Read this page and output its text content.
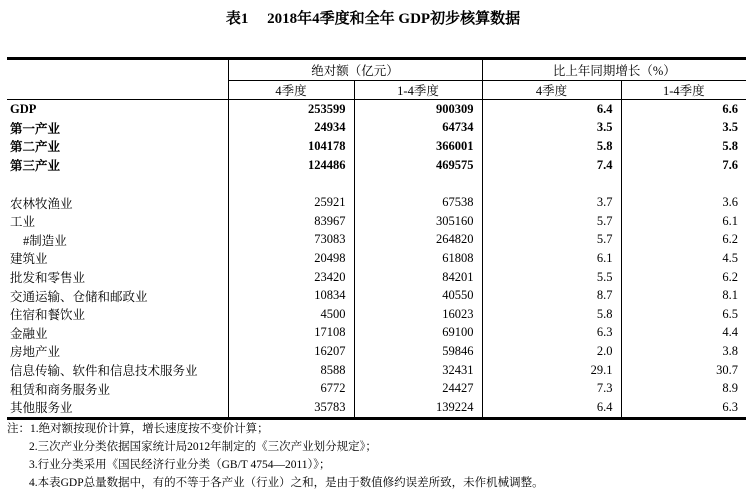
表1　 2018年4季度和全年 GDP初步核算数据
	绝对额（亿元）		比上年同期增长（%）	
	4季度	1-4季度	4季度	1-4季度
GDP	253599	900309	6.4	6.6
第一产业	24934	64734	3.5	3.5
第二产业	104178	366001	5.8	5.8
第三产业	124486	469575	7.4	7.6

农林牧渔业	25921	67538	3.7	3.6
工业	83967	305160	5.7	6.1
#制造业	73083	264820	5.7	6.2
建筑业	20498	61808	6.1	4.5
批发和零售业	23420	84201	5.5	6.2
交通运输、仓储和邮政业	10834	40550	8.7	8.1
住宿和餐饮业	4500	16023	5.8	6.5
金融业	17108	69100	6.3	4.4
房地产业	16207	59846	2.0	3.8
信息传输、软件和信息技术服务业	8588	32431	29.1	30.7
租赁和商务服务业	6772	24427	7.3	8.9
其他服务业	35783	139224	6.4	6.3
注：1.绝对额按现价计算，增长速度按不变价计算；
2.三次产业分类依据国家统计局2012年制定的《三次产业划分规定》；
3.行业分类采用《国民经济行业分类（GB/T 4754—2011）》；
4.本表GDP总量数据中，有的不等于各产业（行业）之和，是由于数值修约误差所致，未作机械调整。
